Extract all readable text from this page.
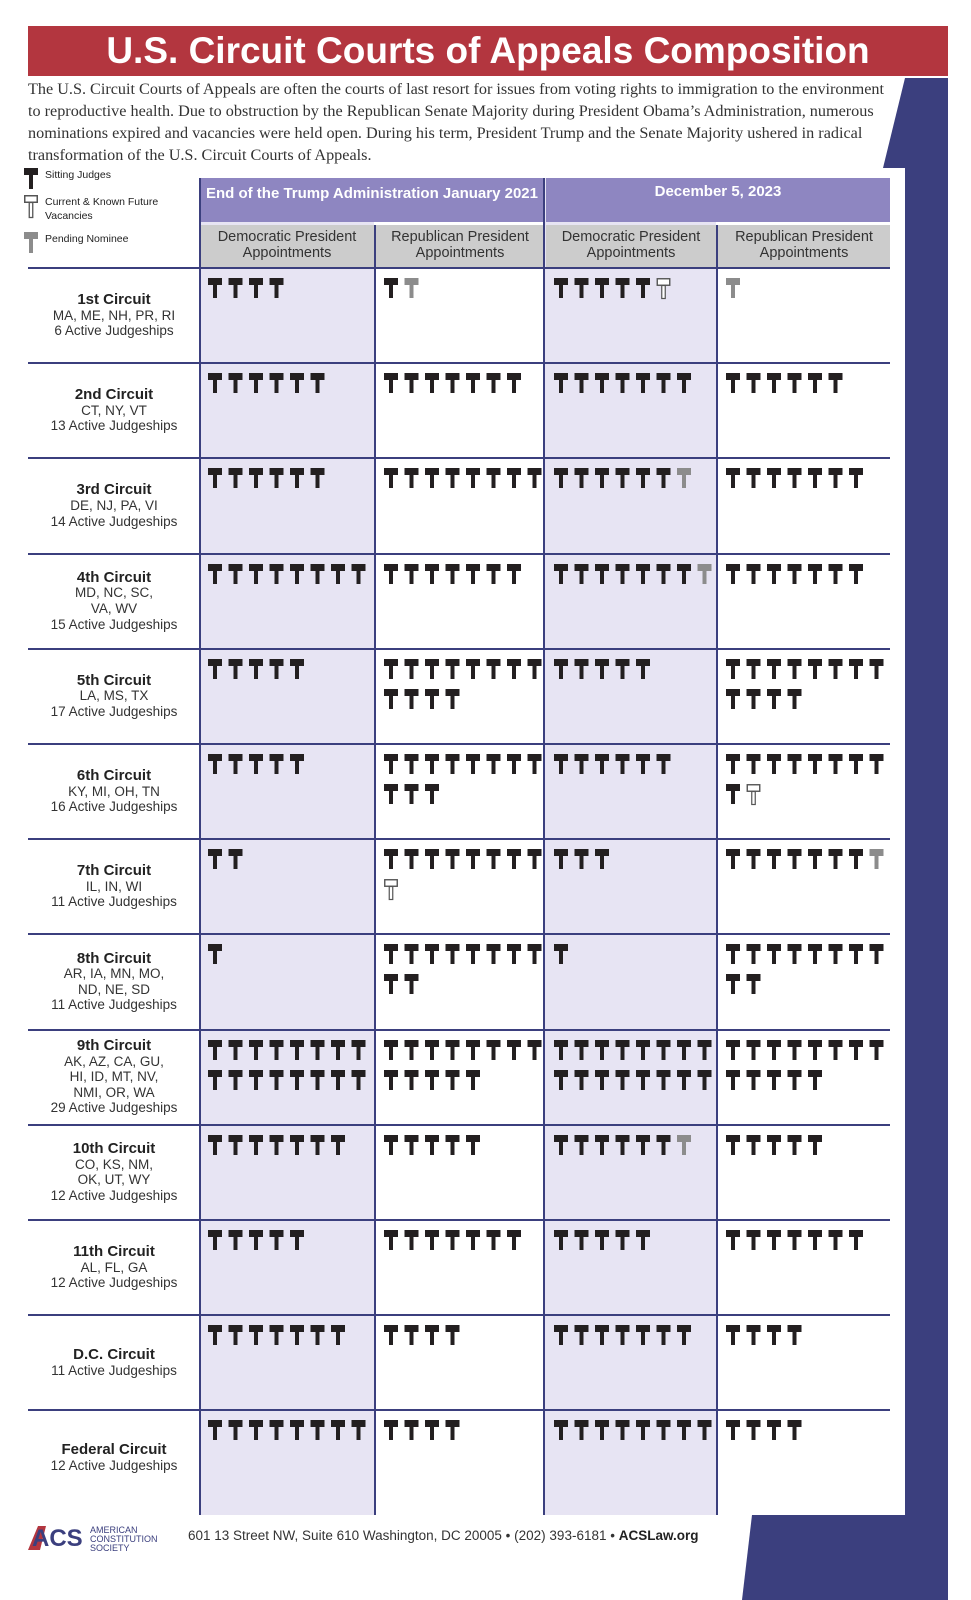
U.S. Circuit Courts of Appeals Composition
The U.S. Circuit Courts of Appeals are often the courts of last resort for issues from voting rights to immigration to the environment to reproductive health. Due to obstruction by the Republican Senate Majority during President Obama’s Administration, numerous nominations expired and vacancies were held open. During his term, President Trump and the Senate Majority ushered in radical transformation of the U.S. Circuit Courts of Appeals.
Sitting Judges
Current & Known Future Vacancies
Pending Nominee
End of the Trump Administration January 2021	December 5, 2023
Democratic President Appointments
Republican President Appointments
Democratic President Appointments
Republican President Appointments
1st Circuit
MA, ME, NH, PR, RI
6 Active Judgeships
2nd Circuit
CT, NY, VT
13 Active Judgeships
3rd Circuit
DE, NJ, PA, VI
14 Active Judgeships
4th Circuit
MD, NC, SC,
VA, WV
15 Active Judgeships
5th Circuit
LA, MS, TX
17 Active Judgeships
6th Circuit
KY, MI, OH, TN
16 Active Judgeships
7th Circuit
IL, IN, WI
11 Active Judgeships
8th Circuit
AR, IA, MN, MO,
ND, NE, SD
11 Active Judgeships
9th Circuit
AK, AZ, CA, GU,
HI, ID, MT, NV,
NMI, OR, WA
29 Active Judgeships
10th Circuit
CO, KS, NM,
OK, UT, WY
12 Active Judgeships
11th Circuit
AL, FL, GA
12 Active Judgeships
D.C. Circuit
11 Active Judgeships
Federal Circuit
12 Active Judgeships
ACS AMERICAN CONSTITUTION SOCIETY
601 13 Street NW, Suite 610 Washington, DC 20005 • (202) 393-6181 • ACSLaw.org
